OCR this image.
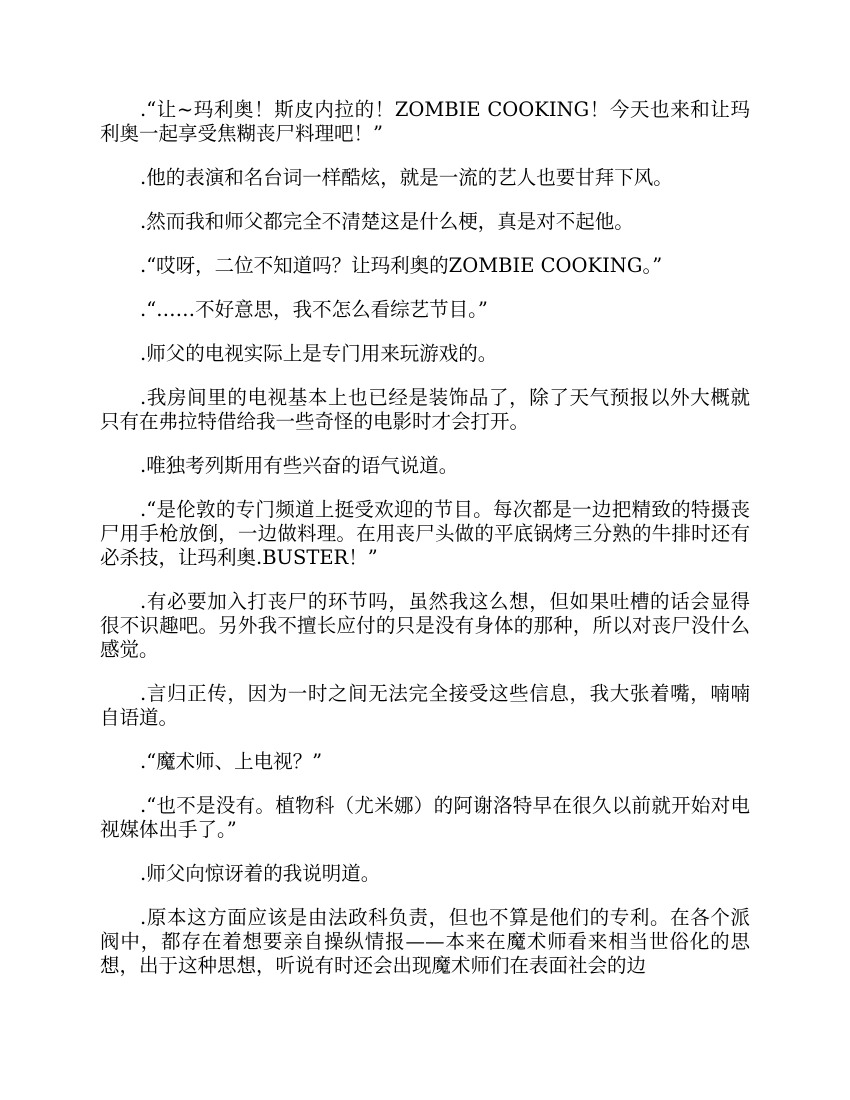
.“让~玛利奥！斯皮内拉的！ZOMBIE COOKING！今天也来和让玛利奥一起享受焦糊丧尸料理吧！”

.他的表演和名台词一样酷炫，就是一流的艺人也要甘拜下风。

.然而我和师父都完全不清楚这是什么梗，真是对不起他。

.“哎呀，二位不知道吗？让玛利奥的ZOMBIE COOKING。”

.“……不好意思，我不怎么看综艺节目。”

.师父的电视实际上是专门用来玩游戏的。

.我房间里的电视基本上也已经是装饰品了，除了天气预报以外大概就只有在弗拉特借给我一些奇怪的电影时才会打开。

.唯独考列斯用有些兴奋的语气说道。

.“是伦敦的专门频道上挺受欢迎的节目。每次都是一边把精致的特摄丧尸用手枪放倒，一边做料理。在用丧尸头做的平底锅烤三分熟的牛排时还有必杀技，让玛利奥.BUSTER！”

.有必要加入打丧尸的环节吗，虽然我这么想，但如果吐槽的话会显得很不识趣吧。另外我不擅长应付的只是没有身体的那种，所以对丧尸没什么感觉。

.言归正传，因为一时之间无法完全接受这些信息，我大张着嘴，喃喃自语道。

.“魔术师、上电视？”

.“也不是没有。植物科（尤米娜）的阿谢洛特早在很久以前就开始对电视媒体出手了。”

.师父向惊讶着的我说明道。

.原本这方面应该是由法政科负责，但也不算是他们的专利。在各个派阀中，都存在着想要亲自操纵情报——本来在魔术师看来相当世俗化的思想，出于这种思想，听说有时还会出现魔术师们在表面社会的边
